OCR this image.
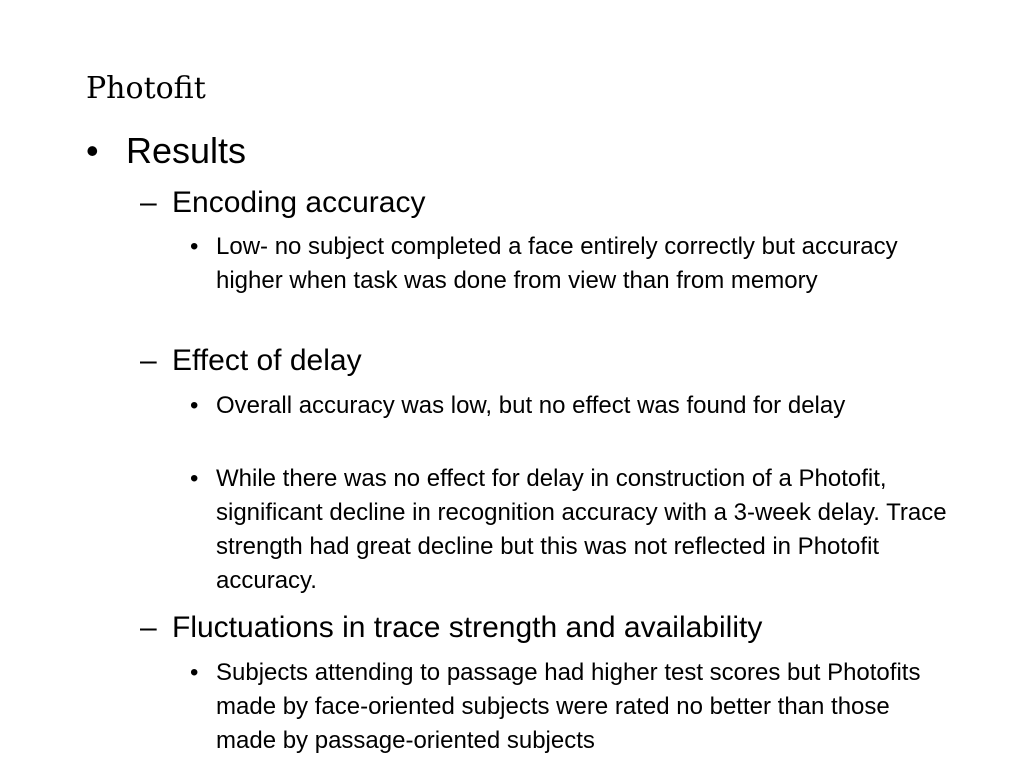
Photofit
• Results
– Encoding accuracy
• Low- no subject completed a face entirely correctly but accuracy higher when task was done from view than from memory
– Effect of delay
• Overall accuracy was low, but no effect was found for delay
• While there was no effect for delay in construction of a Photofit, significant decline in recognition accuracy with a 3-week delay. Trace strength had great decline but this was not reflected in Photofit accuracy.
– Fluctuations in trace strength and availability
• Subjects attending to passage had higher test scores but Photofits made by face-oriented subjects were rated no better than those made by passage-oriented subjects
